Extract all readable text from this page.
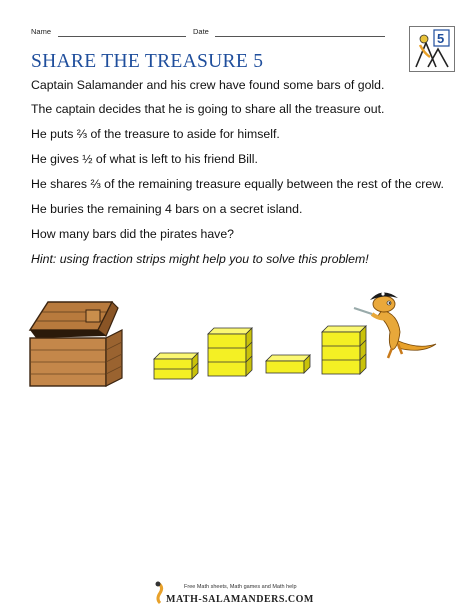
Name	Date	5
SHARE THE TREASURE 5
Captain Salamander and his crew have found some bars of gold.
The captain decides that he is going to share all the treasure out.
He puts ⅔ of the treasure to aside for himself.
He gives ½ of what is left to his friend Bill.
He shares ⅔ of the remaining treasure equally between the rest of the crew.
He buries the remaining 4 bars on a secret island.
How many bars did the pirates have?
Hint: using fraction strips might help you to solve this problem!
Free Math sheets, Math games and Math help
MATH-SALAMANDERS.COM
